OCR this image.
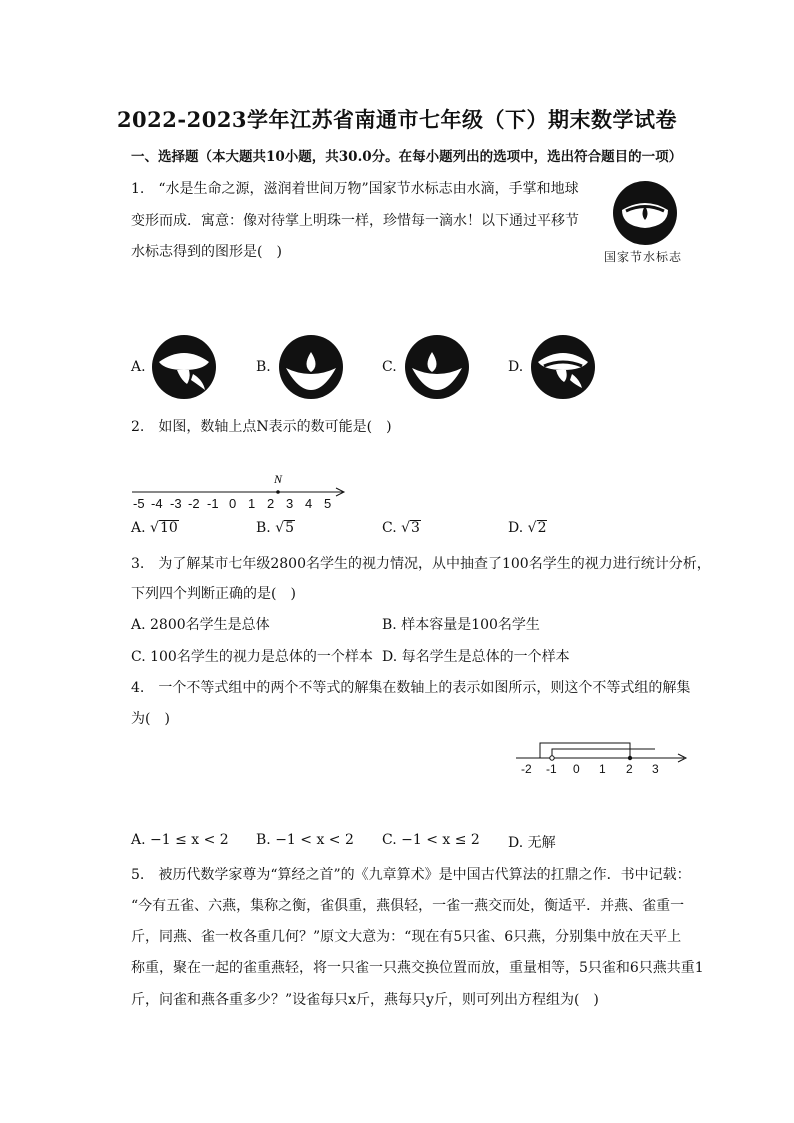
2022-2023学年江苏省南通市七年级（下）期末数学试卷
一、选择题（本大题共10小题，共30.0分。在每小题列出的选项中，选出符合题目的一项）
1.　“水是生命之源，滋润着世间万物”国家节水标志由水滴，手掌和地球
变形而成．寓意：像对待掌上明珠一样，珍惜每一滴水！以下通过平移节
水标志得到的图形是(　)	国家节水标志
A.	B.	C.	D.
2.　如图，数轴上点N表示的数可能是(　)
N
-5 -4 -3 -2 -1 0 1 2 3 4 5
A. √10	B. √5	C. √3	D. √2
3.　为了解某市七年级2800名学生的视力情况，从中抽查了100名学生的视力进行统计分析，
下列四个判断正确的是(　)
A. 2800名学生是总体	B. 样本容量是100名学生
C. 100名学生的视力是总体的一个样本 D. 每名学生是总体的一个样本
4.　一个不等式组中的两个不等式的解集在数轴上的表示如图所示，则这个不等式组的解集
为(　)
-2 -1 0 1 2 3
A. −1 ≤ x < 2 B. −1 < x < 2 C. −1 < x ≤ 2 D. 无解
5.　被历代数学家尊为“算经之首”的《九章算术》是中国古代算法的扛鼎之作．书中记载：
“今有五雀、六燕，集称之衡，雀俱重，燕俱轻，一雀一燕交而处，衡适平．并燕、雀重一
斤，同燕、雀一枚各重几何？”原文大意为：“现在有5只雀、6只燕，分别集中放在天平上
称重，聚在一起的雀重燕轻，将一只雀一只燕交换位置而放，重量相等，5只雀和6只燕共重1
斤，问雀和燕各重多少？”设雀每只x斤，燕每只y斤，则可列出方程组为(　)
